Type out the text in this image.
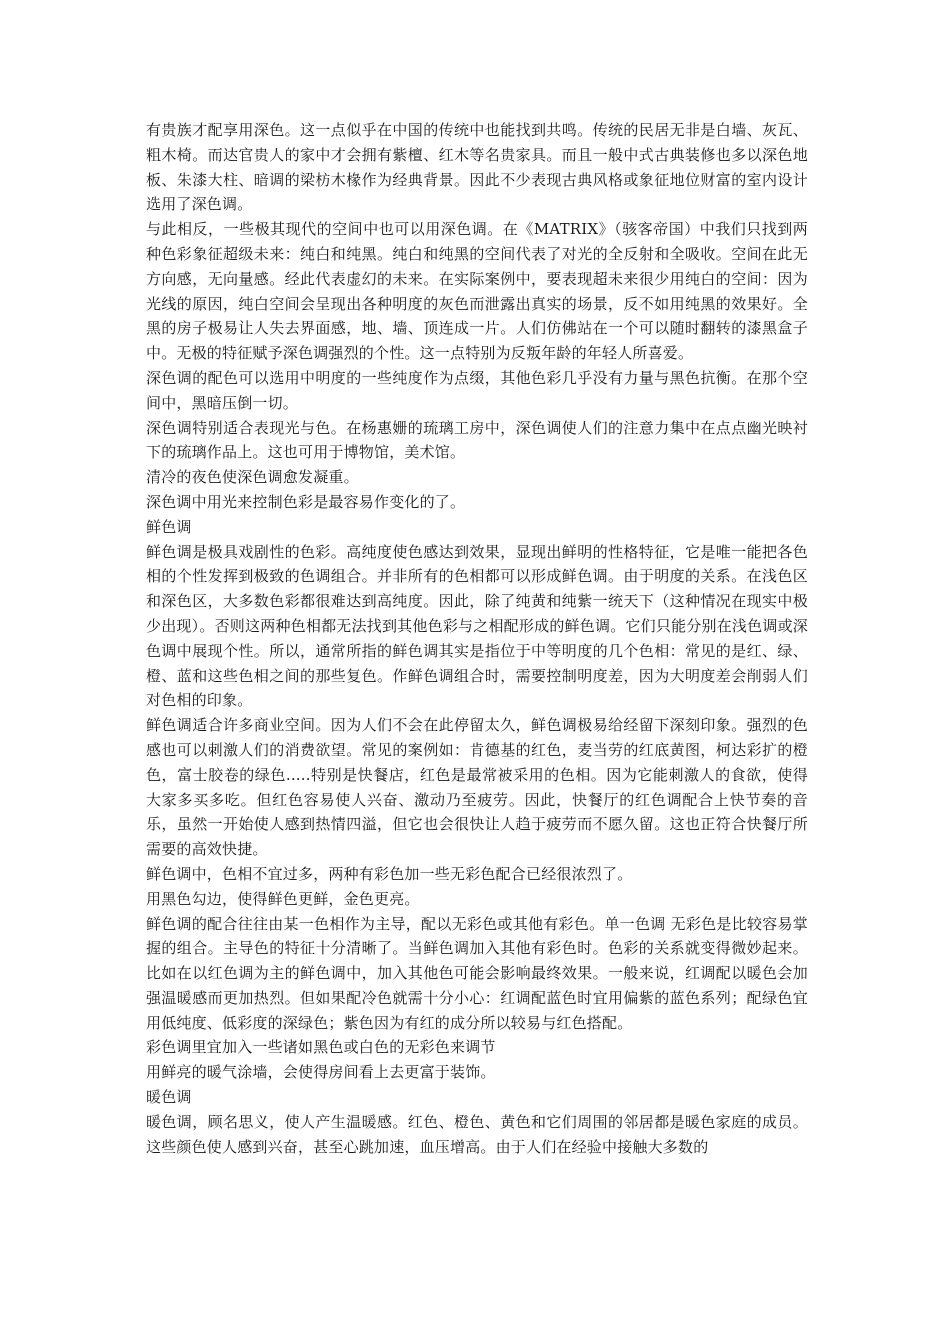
有贵族才配享用深色。这一点似乎在中国的传统中也能找到共鸣。传统的民居无非是白墙、灰瓦、粗木椅。而达官贵人的家中才会拥有紫檀、红木等名贵家具。而且一般中式古典装修也多以深色地板、朱漆大柱、暗调的梁枋木椽作为经典背景。因此不少表现古典风格或象征地位财富的室内设计选用了深色调。

与此相反，一些极其现代的空间中也可以用深色调。在《MATRIX》（骇客帝国）中我们只找到两种色彩象征超级未来：纯白和纯黑。纯白和纯黑的空间代表了对光的全反射和全吸收。空间在此无方向感，无向量感。经此代表虚幻的未来。在实际案例中，要表现超未来很少用纯白的空间：因为光线的原因，纯白空间会呈现出各种明度的灰色而泄露出真实的场景，反不如用纯黑的效果好。全黑的房子极易让人失去界面感，地、墙、顶连成一片。人们仿佛站在一个可以随时翻转的漆黑盒子中。无极的特征赋予深色调强烈的个性。这一点特别为反叛年龄的年轻人所喜爱。

深色调的配色可以选用中明度的一些纯度作为点缀，其他色彩几乎没有力量与黑色抗衡。在那个空间中，黑暗压倒一切。

深色调特别适合表现光与色。在杨惠姗的琉璃工房中，深色调使人们的注意力集中在点点幽光映衬下的琉璃作品上。这也可用于博物馆，美术馆。

清冷的夜色使深色调愈发凝重。

深色调中用光来控制色彩是最容易作变化的了。

鲜色调

鲜色调是极具戏剧性的色彩。高纯度使色感达到效果，显现出鲜明的性格特征，它是唯一能把各色相的个性发挥到极致的色调组合。并非所有的色相都可以形成鲜色调。由于明度的关系。在浅色区和深色区，大多数色彩都很难达到高纯度。因此，除了纯黄和纯紫一统天下（这种情况在现实中极少出现）。否则这两种色相都无法找到其他色彩与之相配形成的鲜色调。它们只能分别在浅色调或深色调中展现个性。所以，通常所指的鲜色调其实是指位于中等明度的几个色相：常见的是红、绿、橙、蓝和这些色相之间的那些复色。作鲜色调组合时，需要控制明度差，因为大明度差会削弱人们对色相的印象。

鲜色调适合许多商业空间。因为人们不会在此停留太久，鲜色调极易给经留下深刻印象。强烈的色感也可以刺激人们的消费欲望。常见的案例如：肯德基的红色，麦当劳的红底黄图，柯达彩扩的橙色，富士胶卷的绿色.....特别是快餐店，红色是最常被采用的色相。因为它能刺激人的食欲，使得大家多买多吃。但红色容易使人兴奋、激动乃至疲劳。因此，快餐厅的红色调配合上快节奏的音乐，虽然一开始使人感到热情四溢，但它也会很快让人趋于疲劳而不愿久留。这也正符合快餐厅所需要的高效快捷。

鲜色调中，色相不宜过多，两种有彩色加一些无彩色配合已经很浓烈了。

用黑色勾边，使得鲜色更鲜，金色更亮。

鲜色调的配合往往由某一色相作为主导，配以无彩色或其他有彩色。单一色调 无彩色是比较容易掌握的组合。主导色的特征十分清晰了。当鲜色调加入其他有彩色时。色彩的关系就变得微妙起来。比如在以红色调为主的鲜色调中，加入其他色可能会影响最终效果。一般来说，红调配以暖色会加强温暖感而更加热烈。但如果配冷色就需十分小心：红调配蓝色时宜用偏紫的蓝色系列；配绿色宜用低纯度、低彩度的深绿色；紫色因为有红的成分所以较易与红色搭配。

彩色调里宜加入一些诸如黑色或白色的无彩色来调节

用鲜亮的暖气涂墙，会使得房间看上去更富于装饰。

暖色调

暖色调，顾名思义，使人产生温暖感。红色、橙色、黄色和它们周围的邻居都是暖色家庭的成员。这些颜色使人感到兴奋，甚至心跳加速，血压增高。由于人们在经验中接触大多数的
